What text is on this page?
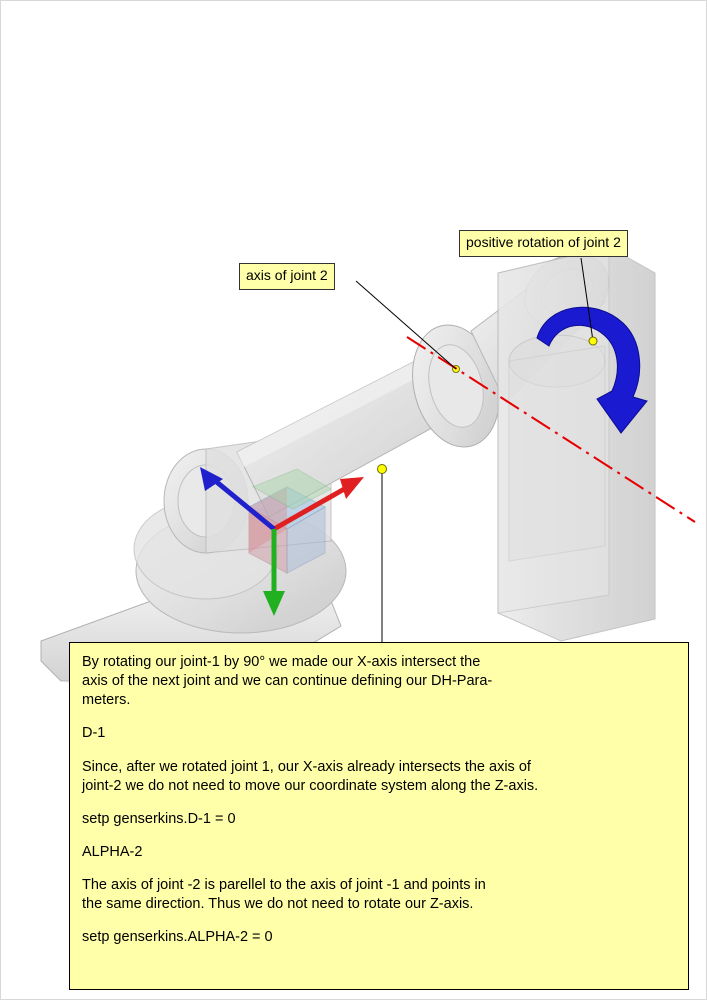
axis of joint 2
positive rotation of joint 2

By rotating our joint-1 by 90° we made our X-axis intersect the
axis of the next joint and we can continue defining our DH-Para-
meters.

D-1

Since, after we rotated joint 1, our X-axis already intersects the axis of
joint-2 we do not need to move our coordinate system along the Z-axis.

setp genserkins.D-1 = 0

ALPHA-2

The axis of joint -2 is parellel to the axis of joint -1 and points in
the same direction. Thus we do not need to rotate our Z-axis.

setp genserkins.ALPHA-2 = 0
